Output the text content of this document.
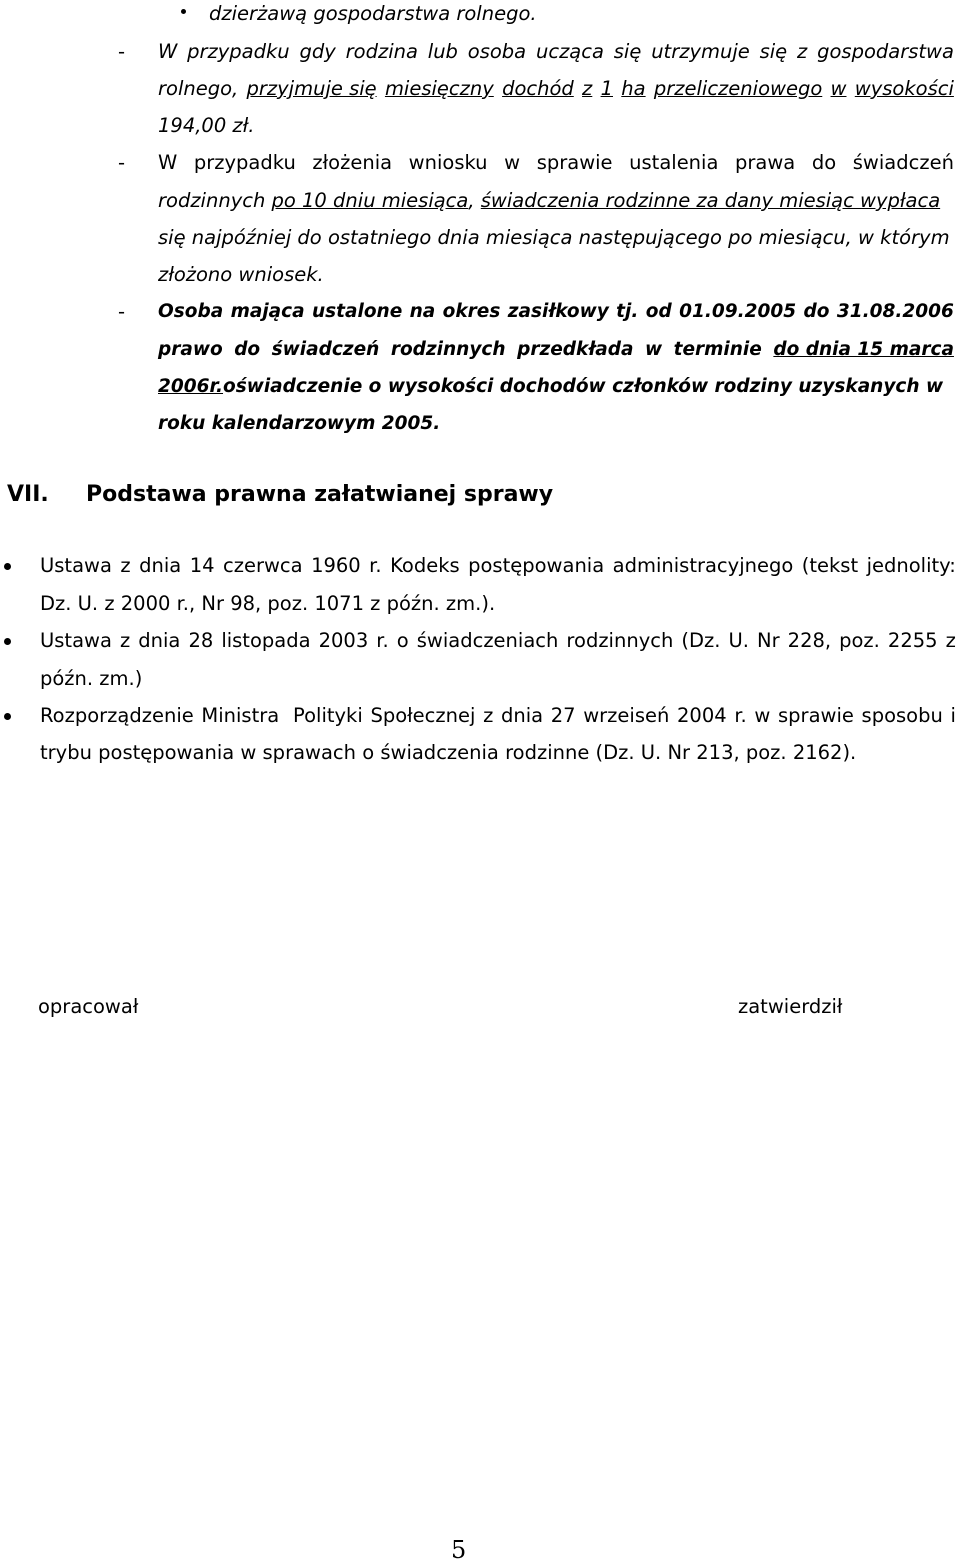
dzierżawą gospodarstwa rolnego.
- W przypadku gdy rodzina lub osoba ucząca się utrzymuje się z gospodarstwa
rolnego, przyjmuje się miesięczny dochód z 1 ha przeliczeniowego w wysokości
194,00 zł.
- W przypadku złożenia wniosku w sprawie ustalenia prawa do świadczeń
rodzinnych po 10 dniu miesiąca, świadczenia rodzinne za dany miesiąc wypłaca
się najpóźniej do ostatniego dnia miesiąca następującego po miesiącu, w którym
złożono wniosek.
- Osoba mająca ustalone na okres zasiłkowy tj. od 01.09.2005 do 31.08.2006
prawo do świadczeń rodzinnych przedkłada w terminie do dnia 15 marca
2006r.oświadczenie o wysokości dochodów członków rodziny uzyskanych w
roku kalendarzowym 2005.
VII. Podstawa prawna załatwianej sprawy
Ustawa z dnia 14 czerwca 1960 r. Kodeks postępowania administracyjnego (tekst jednolity:
Dz. U. z 2000 r., Nr 98, poz. 1071 z późn. zm.).
Ustawa z dnia 28 listopada 2003 r. o świadczeniach rodzinnych (Dz. U. Nr 228, poz. 2255 z
późn. zm.)
Rozporządzenie Ministra Polityki Społecznej z dnia 27 wrzeiseń 2004 r. w sprawie sposobu i
trybu postępowania w sprawach o świadczenia rodzinne (Dz. U. Nr 213, poz. 2162).
opracował	zatwierdził
5
